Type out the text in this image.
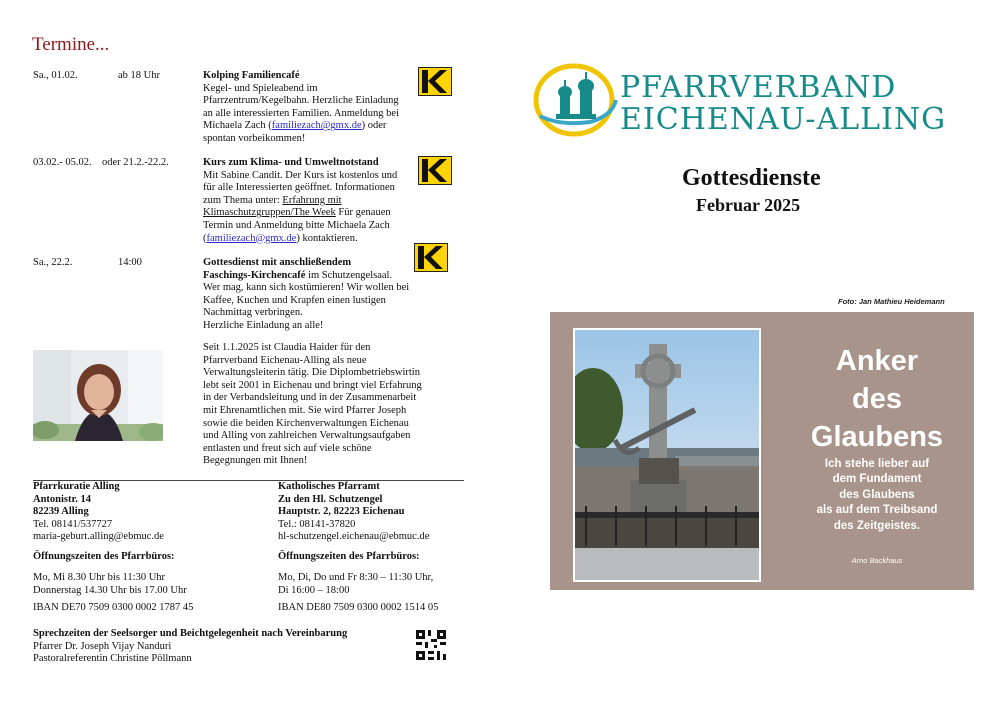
Termine...
Sa., 01.02.	ab 18 Uhr	Kolping Familiencafé
Kegel- und Spieleabend im
Pfarrzentrum/Kegelbahn. Herzliche Einladung
an alle interessierten Familien. Anmeldung bei
Michaela Zach (familiezach@gmx.de) oder
spontan vorbeikommen!
03.02.- 05.02. oder 21.2.-22.2.	Kurs zum Klima- und Umweltnotstand
Mit Sabine Candit. Der Kurs ist kostenlos und
für alle Interessierten geöffnet. Informationen
zum Thema unter: Erfahrung mit
Klimaschutzgruppen/The Week Für genauen
Termin und Anmeldung bitte Michaela Zach
(familiezach@gmx.de) kontaktieren.
Sa., 22.2.	14:00	Gottesdienst mit anschließendem
Faschings-Kirchencafé im Schutzengelsaal.
Wer mag, kann sich kostümieren! Wir wollen bei
Kaffee, Kuchen und Krapfen einen lustigen
Nachmittag verbringen.
Herzliche Einladung an alle!
Seit 1.1.2025 ist Claudia Haider für den
Pfarrverband Eichenau-Alling als neue
Verwaltungsleiterin tätig. Die Diplombetriebswirtin
lebt seit 2001 in Eichenau und bringt viel Erfahrung
in der Verbandsleitung und in der Zusammenarbeit
mit Ehrenamtlichen mit. Sie wird Pfarrer Joseph
sowie die beiden Kirchenverwaltungen Eichenau
und Alling von zahlreichen Verwaltungsaufgaben
entlasten und freut sich auf viele schöne
Begegnungen mit Ihnen!
Pfarrkuratie Alling
Antonistr. 14
82239 Alling
Tel. 08141/537727
maria-geburt.alling@ebmuc.de
Öffnungszeiten des Pfarrbüros:
Mo, Mi 8.30 Uhr bis 11:30 Uhr
Donnerstag 14.30 Uhr bis 17.00 Uhr
IBAN DE70 7509 0300 0002 1787 45
Katholisches Pfarramt
Zu den Hl. Schutzengel
Hauptstr. 2, 82223 Eichenau
Tel.: 08141-37820
hl-schutzengel.eichenau@ebmuc.de
Öffnungszeiten des Pfarrbüros:
Mo, Di, Do und Fr 8:30 – 11:30 Uhr,
Di 16:00 – 18:00
IBAN DE80 7509 0300 0002 1514 05
Sprechzeiten der Seelsorger und Beichtgelegenheit nach Vereinbarung
Pfarrer Dr. Joseph Vijay Nanduri
Pastoralreferentin Christine Pöllmann
PFARRVERBAND
EICHENAU-ALLING
Gottesdienste
Februar 2025
Foto: Jan Mathieu Heidemann
Anker
des
Glaubens
Ich stehe lieber auf
dem Fundament
des Glaubens
als auf dem Treibsand
des Zeitgeistes.
Arno Backhaus
